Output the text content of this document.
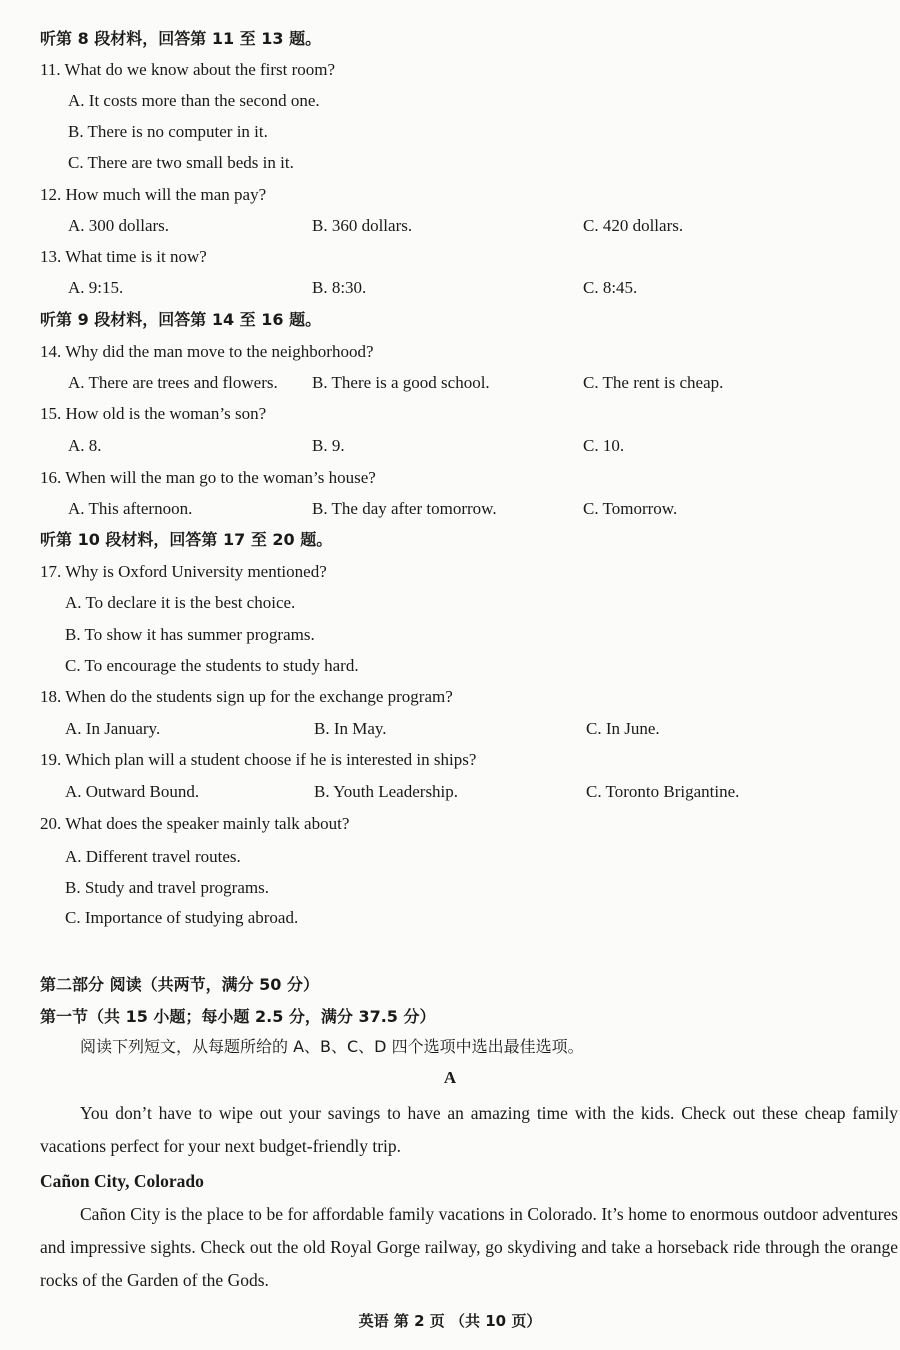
听第 8 段材料，回答第 11 至 13 题。
11. What do we know about the first room?
A. It costs more than the second one.
B. There is no computer in it.
C. There are two small beds in it.
12. How much will the man pay?
A. 300 dollars.	B. 360 dollars.	C. 420 dollars.
13. What time is it now?
A. 9:15.	B. 8:30.	C. 8:45.
听第 9 段材料，回答第 14 至 16 题。
14. Why did the man move to the neighborhood?
A. There are trees and flowers. B. There is a good school.	C. The rent is cheap.
15. How old is the woman’s son?
A. 8.	B. 9.	C. 10.
16. When will the man go to the woman’s house?
A. This afternoon.	B. The day after tomorrow.	C. Tomorrow.
听第 10 段材料，回答第 17 至 20 题。
17. Why is Oxford University mentioned?
A. To declare it is the best choice.
B. To show it has summer programs.
C. To encourage the students to study hard.
18. When do the students sign up for the exchange program?
A. In January.	B. In May.	C. In June.
19. Which plan will a student choose if he is interested in ships?
A. Outward Bound.	B. Youth Leadership.	C. Toronto Brigantine.
20. What does the speaker mainly talk about?
A. Different travel routes.
B. Study and travel programs.
C. Importance of studying abroad.
第二部分 阅读（共两节，满分 50 分）
第一节（共 15 小题；每小题 2.5 分，满分 37.5 分）
阅读下列短文，从每题所给的 A、B、C、D 四个选项中选出最佳选项。
A
You don’t have to wipe out your savings to have an amazing time with the kids. Check out these cheap family vacations perfect for your next budget-friendly trip.
Cañon City, Colorado
Cañon City is the place to be for affordable family vacations in Colorado. It’s home to enormous outdoor adventures and impressive sights. Check out the old Royal Gorge railway, go skydiving and take a horseback ride through the orange rocks of the Garden of the Gods.
英语 第 2 页 （共 10 页）
